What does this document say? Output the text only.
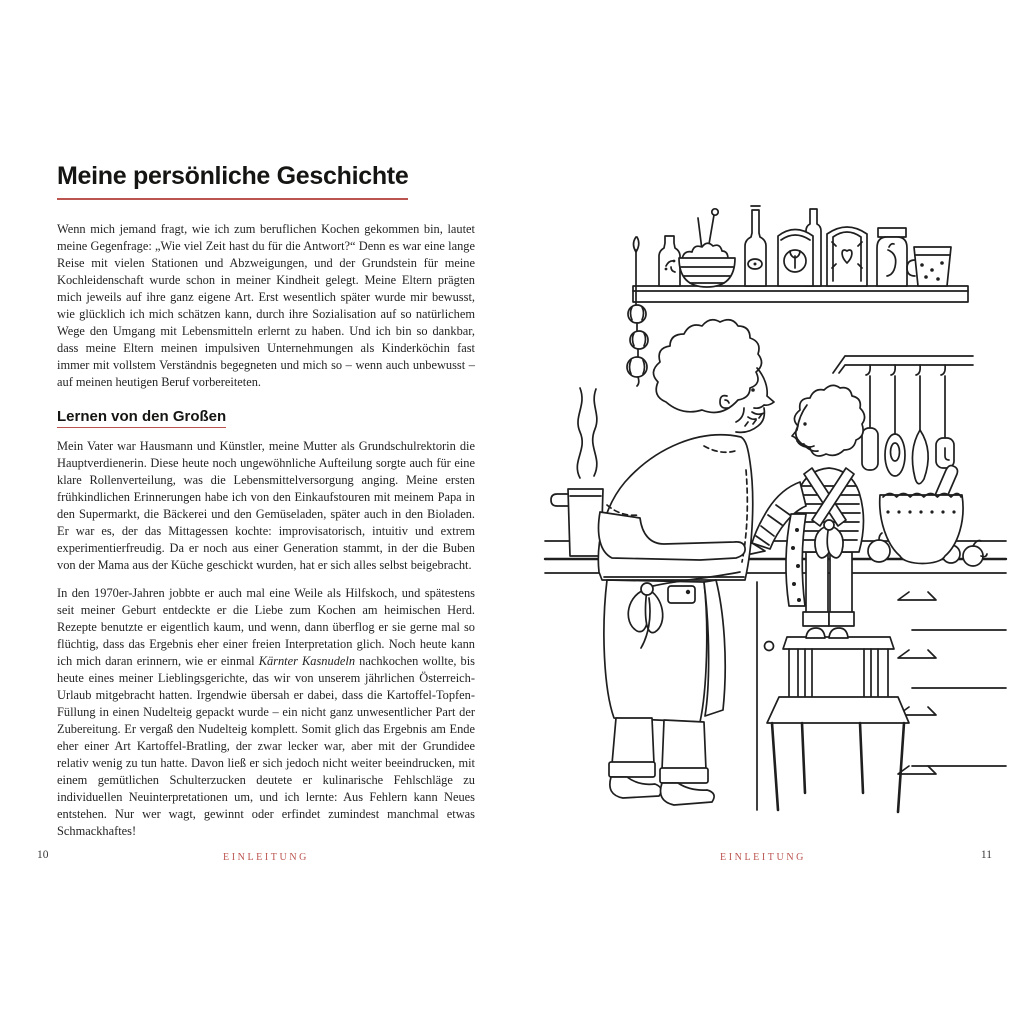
Meine persönliche Geschichte

Wenn mich jemand fragt, wie ich zum beruflichen Kochen gekommen bin, lautet meine Gegenfrage: „Wie viel Zeit hast du für die Antwort?“ Denn es war eine lange Reise mit vielen Stationen und Abzweigungen, und der Grundstein für meine Kochleidenschaft wurde schon in meiner Kindheit gelegt. Meine Eltern prägten mich jeweils auf ihre ganz eigene Art. Erst wesentlich später wurde mir bewusst, wie glücklich ich mich schätzen kann, durch ihre Sozialisation auf so natürlichem Wege den Umgang mit Lebensmitteln erlernt zu haben. Und ich bin so dankbar, dass meine Eltern meinen impulsiven Unternehmungen als Kinderköchin fast immer mit vollstem Verständnis begegneten und mich so – wenn auch unbewusst – auf meinen heutigen Beruf vorbereiteten.

Lernen von den Großen

Mein Vater war Hausmann und Künstler, meine Mutter als Grundschulrektorin die Hauptverdienerin. Diese heute noch ungewöhnliche Aufteilung sorgte auch für eine klare Rollenverteilung, was die Lebensmittelversorgung anging. Meine ersten frühkindlichen Erinnerungen habe ich von den Einkaufstouren mit meinem Papa in den Supermarkt, die Bäckerei und den Gemüseladen, später auch in den Bioladen. Er war es, der das Mittagessen kochte: improvisatorisch, intuitiv und extrem experimentierfreudig. Da er noch aus einer Generation stammt, in der die Buben von der Mama aus der Küche geschickt wurden, hat er sich alles selbst beigebracht.

In den 1970er-Jahren jobbte er auch mal eine Weile als Hilfskoch, und spätestens seit meiner Geburt entdeckte er die Liebe zum Kochen am heimischen Herd. Rezepte benutzte er eigentlich kaum, und wenn, dann überflog er sie gerne mal so flüchtig, dass das Ergebnis eher einer freien Interpretation glich. Noch heute kann ich mich daran erinnern, wie er einmal Kärnter Kasnudeln nachkochen wollte, bis heute eines meiner Lieblingsgerichte, das wir von unserem jährlichen Österreich-Urlaub mitgebracht hatten. Irgendwie übersah er dabei, dass die Kartoffel-Topfen-Füllung in einen Nudelteig gepackt wurde – ein nicht ganz unwesentlicher Part der Zubereitung. Er vergaß den Nudelteig komplett. Somit glich das Ergebnis am Ende eher einer Art Kartoffel-Bratling, der zwar lecker war, aber mit der Grundidee relativ wenig zu tun hatte. Davon ließ er sich jedoch nicht weiter beeindrucken, mit einem gemütlichen Schulterzucken deutete er kulinarische Fehlschläge zu individuellen Neuinterpretationen um, und ich lernte: Aus Fehlern kann Neues entstehen. Nur wer wagt, gewinnt oder erfindet zumindest manchmal etwas Schmackhaftes!

10	EINLEITUNG	EINLEITUNG	11
